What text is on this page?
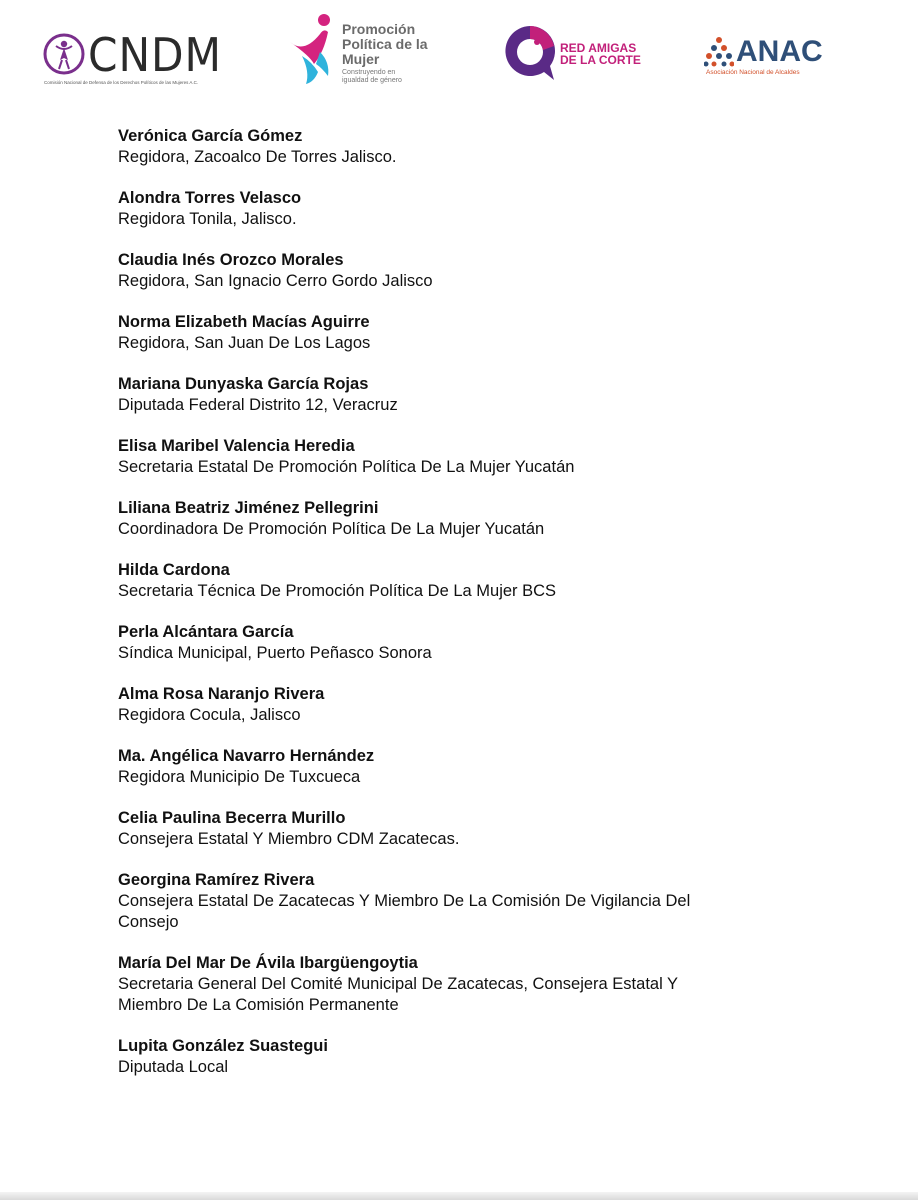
CNDM
Comisión Nacional de Defensa de los Derechos Políticos de las Mujeres A.C.
Promoción
Política de la
Mujer
Construyendo en
igualdad de género
RED AMIGAS
DE LA CORTE	ANAC
Asociación Nacional de Alcaldes
Verónica García Gómez
Regidora, Zacoalco De Torres Jalisco.
Alondra Torres Velasco
Regidora Tonila, Jalisco.
Claudia Inés Orozco Morales
Regidora, San Ignacio Cerro Gordo Jalisco
Norma Elizabeth Macías Aguirre
Regidora, San Juan De Los Lagos
Mariana Dunyaska García Rojas
Diputada Federal Distrito 12, Veracruz
Elisa Maribel Valencia Heredia
Secretaria Estatal De Promoción Política De La Mujer Yucatán
Liliana Beatriz Jiménez Pellegrini
Coordinadora De Promoción Política De La Mujer Yucatán
Hilda Cardona
Secretaria Técnica De Promoción Política De La Mujer BCS
Perla Alcántara García
Síndica Municipal, Puerto Peñasco Sonora
Alma Rosa Naranjo Rivera
Regidora Cocula, Jalisco
Ma. Angélica Navarro Hernández
Regidora Municipio De Tuxcueca
Celia Paulina Becerra Murillo
Consejera Estatal Y Miembro CDM Zacatecas.
Georgina Ramírez Rivera
Consejera Estatal De Zacatecas Y Miembro De La Comisión De Vigilancia Del
Consejo
María Del Mar De Ávila Ibargüengoytia
Secretaria General Del Comité Municipal De Zacatecas, Consejera Estatal Y
Miembro De La Comisión Permanente
Lupita González Suastegui
Diputada Local
